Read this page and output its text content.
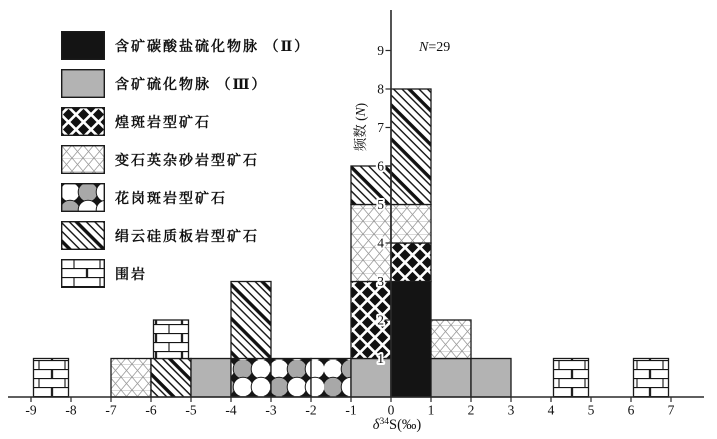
-9 -8 -7 -6 -5 -4 -3 -2 -1 0 1 2 3 4 5 6 7
1
2
3
4
5
6
7
8
9
$\delta^{34}S(‰)$
频数 (N)
N=29
含矿碳酸盐硫化物脉 （Ⅱ）
含矿硫化物脉 （Ⅲ）
煌斑岩型矿石
变石英杂砂岩型矿石
花岗斑岩型矿石
绢云硅质板岩型矿石
围岩
